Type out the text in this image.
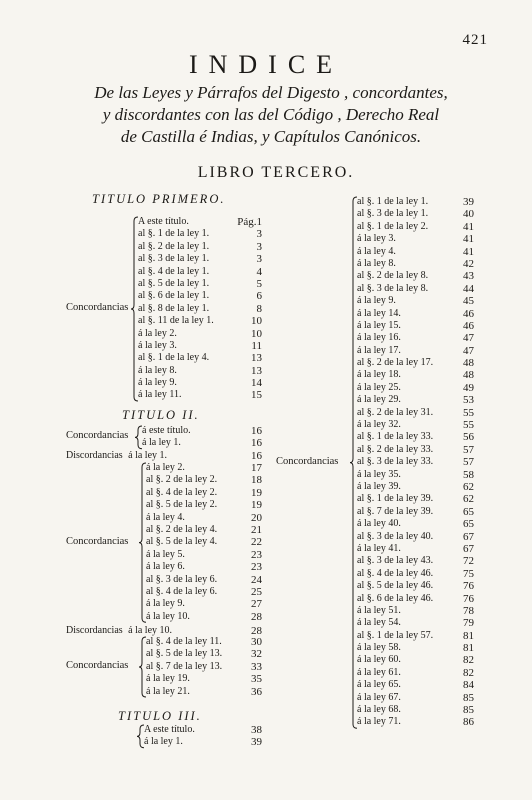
421
INDICE
De las Leyes y Párrafos del Digesto , concordantes,
y discordantes con las del Código , Derecho Real
de Castilla é Indias, y Capítulos Canónicos.
LIBRO TERCERO.
TITULO PRIMERO.
A este título.	Pág.1
al §. 1 de la ley 1.	3
al §. 2 de la ley 1.	3
al §. 3 de la ley 1.	3
al §. 4 de la ley 1.	4
al §. 5 de la ley 1.	5
al §. 6 de la ley 1.	6
al §. 8 de la ley 1.	8
al §. 11 de la ley 1.	10
á la ley 2.	10
á la ley 3.	11
al §. 1 de la ley 4.	13
á la ley 8.	13
á la ley 9.	14
á la ley 11.	15
Concordancias
TITULO II.
á este título.	16
á la ley 1.	16
Concordancias
Discordancias á la ley 1.	16
á la ley 2.	17
al §. 2 de la ley 2.	18
al §. 4 de la ley 2.	19
al §. 5 de la ley 2.	19
á la ley 4.	20
al §. 2 de la ley 4.	21
al §. 5 de la ley 4.	22
á la ley 5.	23
á la ley 6.	23
al §. 3 de la ley 6.	24
al §. 4 de la ley 6.	25
á la ley 9.	27
á la ley 10.	28
Concordancias
Discordancias á la ley 10.	28
al §. 4 de la ley 11.	30
al §. 5 de la ley 13.	32
al §. 7 de la ley 13.	33
á la ley 19.	35
á la ley 21.	36
Concordancias
TITULO III.
A este título.	38
á la ley 1.	39
al §. 1 de la ley 1.	39
al §. 3 de la ley 1.	40
al §. 1 de la ley 2.	41
á la ley 3.	41
á la ley 4.	41
á la ley 8.	42
al §. 2 de la ley 8.	43
al §. 3 de la ley 8.	44
á la ley 9.	45
á la ley 14.	46
á la ley 15.	46
á la ley 16.	47
á la ley 17.	47
al §. 2 de la ley 17.	48
á la ley 18.	48
á la ley 25.	49
á la ley 29.	53
al §. 2 de la ley 31.	55
á la ley 32.	55
al §. 1 de la ley 33.	56
al §. 2 de la ley 33.	57
al §. 3 de la ley 33.	57
á la ley 35.	58
á la ley 39.	62
al §. 1 de la ley 39.	62
al §. 7 de la ley 39.	65
á la ley 40.	65
al §. 3 de la ley 40.	67
á la ley 41.	67
al §. 3 de la ley 43.	72
al §. 4 de la ley 46.	75
al §. 5 de la ley 46.	76
al §. 6 de la ley 46.	76
á la ley 51.	78
á la ley 54.	79
al §. 1 de la ley 57.	81
á la ley 58.	81
á la ley 60.	82
á la ley 61.	82
á la ley 65.	84
á la ley 67.	85
á la ley 68.	85
á la ley 71.	86
Concordancias
